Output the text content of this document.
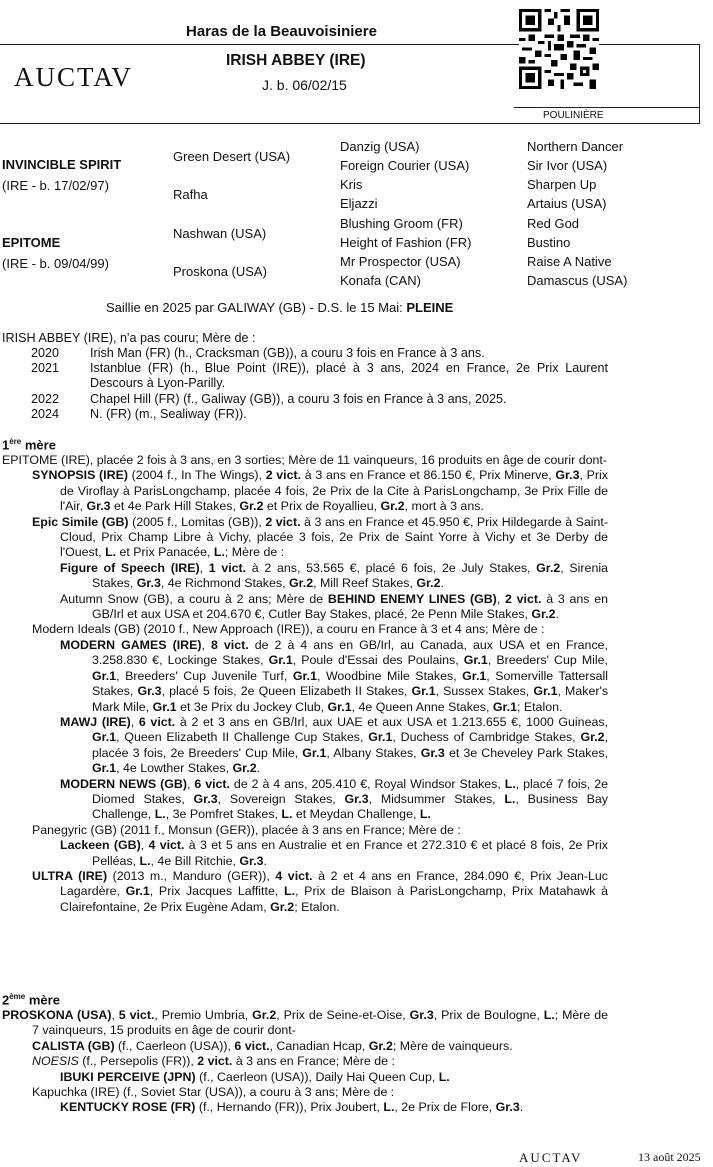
Haras de la Beauvoisiniere
AUCTAV
IRISH ABBEY (IRE)
J. b. 06/02/15
POULINIÈRE
INVINCIBLE SPIRIT
(IRE - b. 17/02/97)
EPITOME
(IRE - b. 09/04/99)
Green Desert (USA)
Rafha
Nashwan (USA)
Proskona (USA)
Danzig (USA)
Foreign Courier (USA)
Kris
Eljazzi
Blushing Groom (FR)
Height of Fashion (FR)
Mr Prospector (USA)
Konafa (CAN)
Northern Dancer
Sir Ivor (USA)
Sharpen Up
Artaius (USA)
Red God
Bustino
Raise A Native
Damascus (USA)
Saillie en 2025 par GALIWAY (GB) - D.S. le 15 Mai: PLEINE
IRISH ABBEY (IRE), n'a pas couru; Mère de :
2020 Irish Man (FR) (h., Cracksman (GB)), a couru 3 fois en France à 3 ans.
2021 Istanblue (FR) (h., Blue Point (IRE)), placé à 3 ans, 2024 en France, 2e Prix Laurent Descours à Lyon-Parilly.
2022 Chapel Hill (FR) (f., Galiway (GB)), a couru 3 fois en France à 3 ans, 2025.
2024 N. (FR) (m., Sealiway (FR)).
1ère mère
EPITOME (IRE), placée 2 fois à 3 ans, en 3 sorties; Mère de 11 vainqueurs, 16 produits en âge de courir dont-
SYNOPSIS (IRE) (2004 f., In The Wings), 2 vict. à 3 ans en France et 86.150 €, Prix Minerve, Gr.3, Prix de Viroflay à ParisLongchamp, placée 4 fois, 2e Prix de la Cite à ParisLongchamp, 3e Prix Fille de l'Air, Gr.3 et 4e Park Hill Stakes, Gr.2 et Prix de Royallieu, Gr.2, mort à 3 ans.
Epic Simile (GB) (2005 f., Lomitas (GB)), 2 vict. à 3 ans en France et 45.950 €, Prix Hildegarde à Saint-Cloud, Prix Champ Libre à Vichy, placée 3 fois, 2e Prix de Saint Yorre à Vichy et 3e Derby de l'Ouest, L. et Prix Panacée, L.; Mère de :
Figure of Speech (IRE), 1 vict. à 2 ans, 53.565 €, placé 6 fois, 2e July Stakes, Gr.2, Sirenia Stakes, Gr.3, 4e Richmond Stakes, Gr.2, Mill Reef Stakes, Gr.2.
Autumn Snow (GB), a couru à 2 ans; Mère de BEHIND ENEMY LINES (GB), 2 vict. à 3 ans en GB/Irl et aux USA et 204.670 €, Cutler Bay Stakes, placé, 2e Penn Mile Stakes, Gr.2.
Modern Ideals (GB) (2010 f., New Approach (IRE)), a couru en France à 3 et 4 ans; Mère de :
MODERN GAMES (IRE), 8 vict. de 2 à 4 ans en GB/Irl, au Canada, aux USA et en France, 3.258.830 €, Lockinge Stakes, Gr.1, Poule d'Essai des Poulains, Gr.1, Breeders' Cup Mile, Gr.1, Breeders' Cup Juvenile Turf, Gr.1, Woodbine Mile Stakes, Gr.1, Somerville Tattersall Stakes, Gr.3, placé 5 fois, 2e Queen Elizabeth II Stakes, Gr.1, Sussex Stakes, Gr.1, Maker's Mark Mile, Gr.1 et 3e Prix du Jockey Club, Gr.1, 4e Queen Anne Stakes, Gr.1; Etalon.
MAWJ (IRE), 6 vict. à 2 et 3 ans en GB/Irl, aux UAE et aux USA et 1.213.655 €, 1000 Guineas, Gr.1, Queen Elizabeth II Challenge Cup Stakes, Gr.1, Duchess of Cambridge Stakes, Gr.2, placée 3 fois, 2e Breeders' Cup Mile, Gr.1, Albany Stakes, Gr.3 et 3e Cheveley Park Stakes, Gr.1, 4e Lowther Stakes, Gr.2.
MODERN NEWS (GB), 6 vict. de 2 à 4 ans, 205.410 €, Royal Windsor Stakes, L., placé 7 fois, 2e Diomed Stakes, Gr.3, Sovereign Stakes, Gr.3, Midsummer Stakes, L., Business Bay Challenge, L., 3e Pomfret Stakes, L. et Meydan Challenge, L.
Panegyric (GB) (2011 f., Monsun (GER)), placée à 3 ans en France; Mère de :
Lackeen (GB), 4 vict. à 3 et 5 ans en Australie et en France et 272.310 € et placé 8 fois, 2e Prix Pelléas, L., 4e Bill Ritchie, Gr.3.
ULTRA (IRE) (2013 m., Manduro (GER)), 4 vict. à 2 et 4 ans en France, 284.090 €, Prix Jean-Luc Lagardère, Gr.1, Prix Jacques Laffitte, L., Prix de Blaison à ParisLongchamp, Prix Matahawk à Clairefontaine, 2e Prix Eugène Adam, Gr.2; Etalon.
2ème mère
PROSKONA (USA), 5 vict., Premio Umbria, Gr.2, Prix de Seine-et-Oise, Gr.3, Prix de Boulogne, L.; Mère de 7 vainqueurs, 15 produits en âge de courir dont-
CALISTA (GB) (f., Caerleon (USA)), 6 vict., Canadian Hcap, Gr.2; Mère de vainqueurs.
NOESIS (f., Persepolis (FR)), 2 vict. à 3 ans en France; Mère de :
IBUKI PERCEIVE (JPN) (f., Caerleon (USA)), Daily Hai Queen Cup, L.
Kapuchka (IRE) (f., Soviet Star (USA)), a couru à 3 ans; Mère de :
KENTUCKY ROSE (FR) (f., Hernando (FR)), Prix Joubert, L., 2e Prix de Flore, Gr.3.
AUCTAV	13 août 2025
